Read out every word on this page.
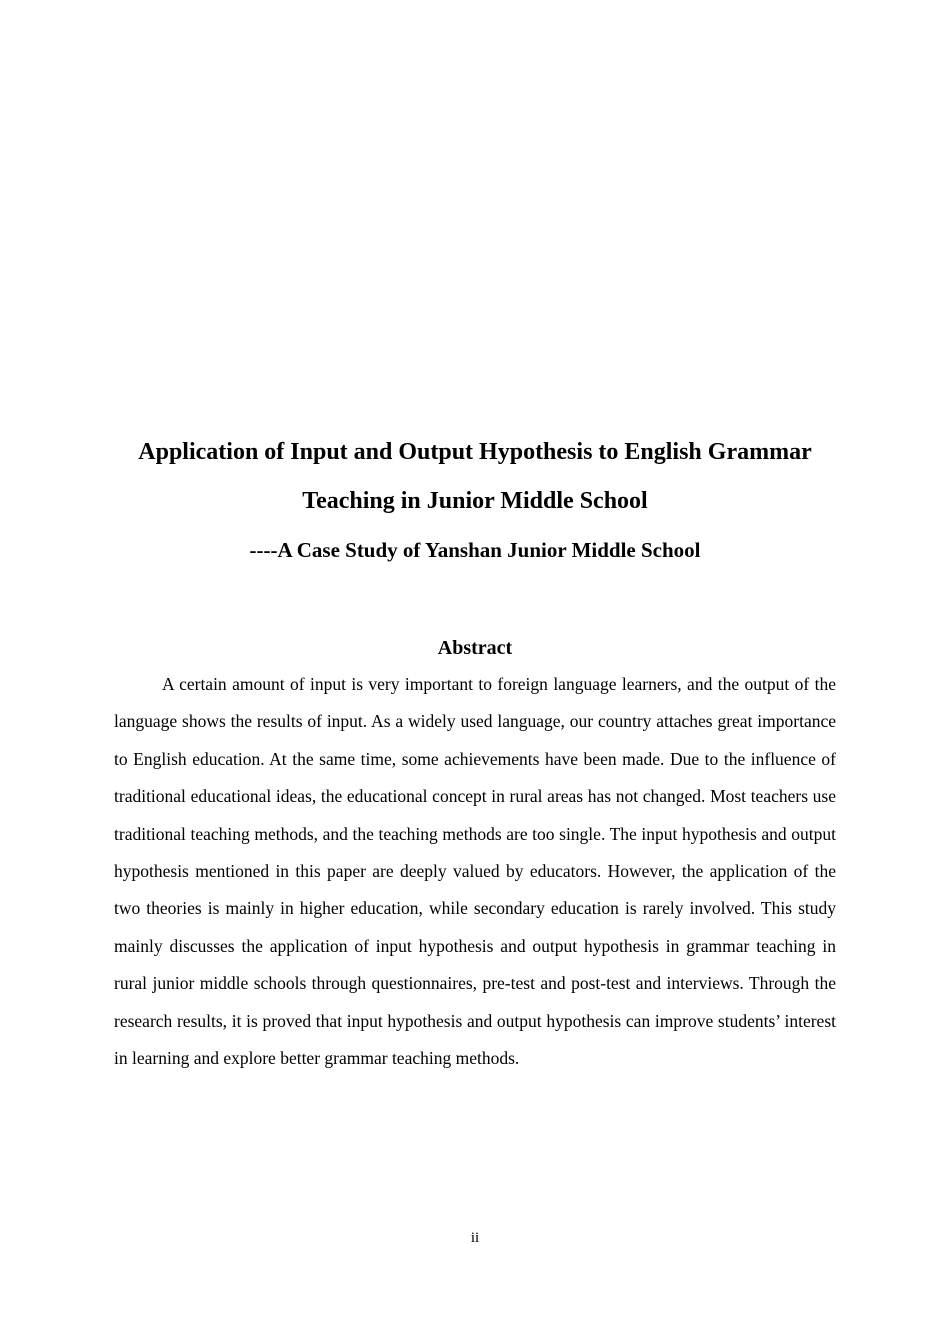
Application of Input and Output Hypothesis to English Grammar
Teaching in Junior Middle School
----A Case Study of Yanshan Junior Middle School
Abstract

A certain amount of input is very important to foreign language learners, and the output of the language shows the results of input. As a widely used language, our country attaches great importance to English education. At the same time, some achievements have been made. Due to the influence of traditional educational ideas, the educational concept in rural areas has not changed. Most teachers use traditional teaching methods, and the teaching methods are too single. The input hypothesis and output hypothesis mentioned in this paper are deeply valued by educators. However, the application of the two theories is mainly in higher education, while secondary education is rarely involved. This study mainly discusses the application of input hypothesis and output hypothesis in grammar teaching in rural junior middle schools through questionnaires, pre-test and post-test and interviews. Through the research results, it is proved that input hypothesis and output hypothesis can improve students’ interest in learning and explore better grammar teaching methods.

ii
